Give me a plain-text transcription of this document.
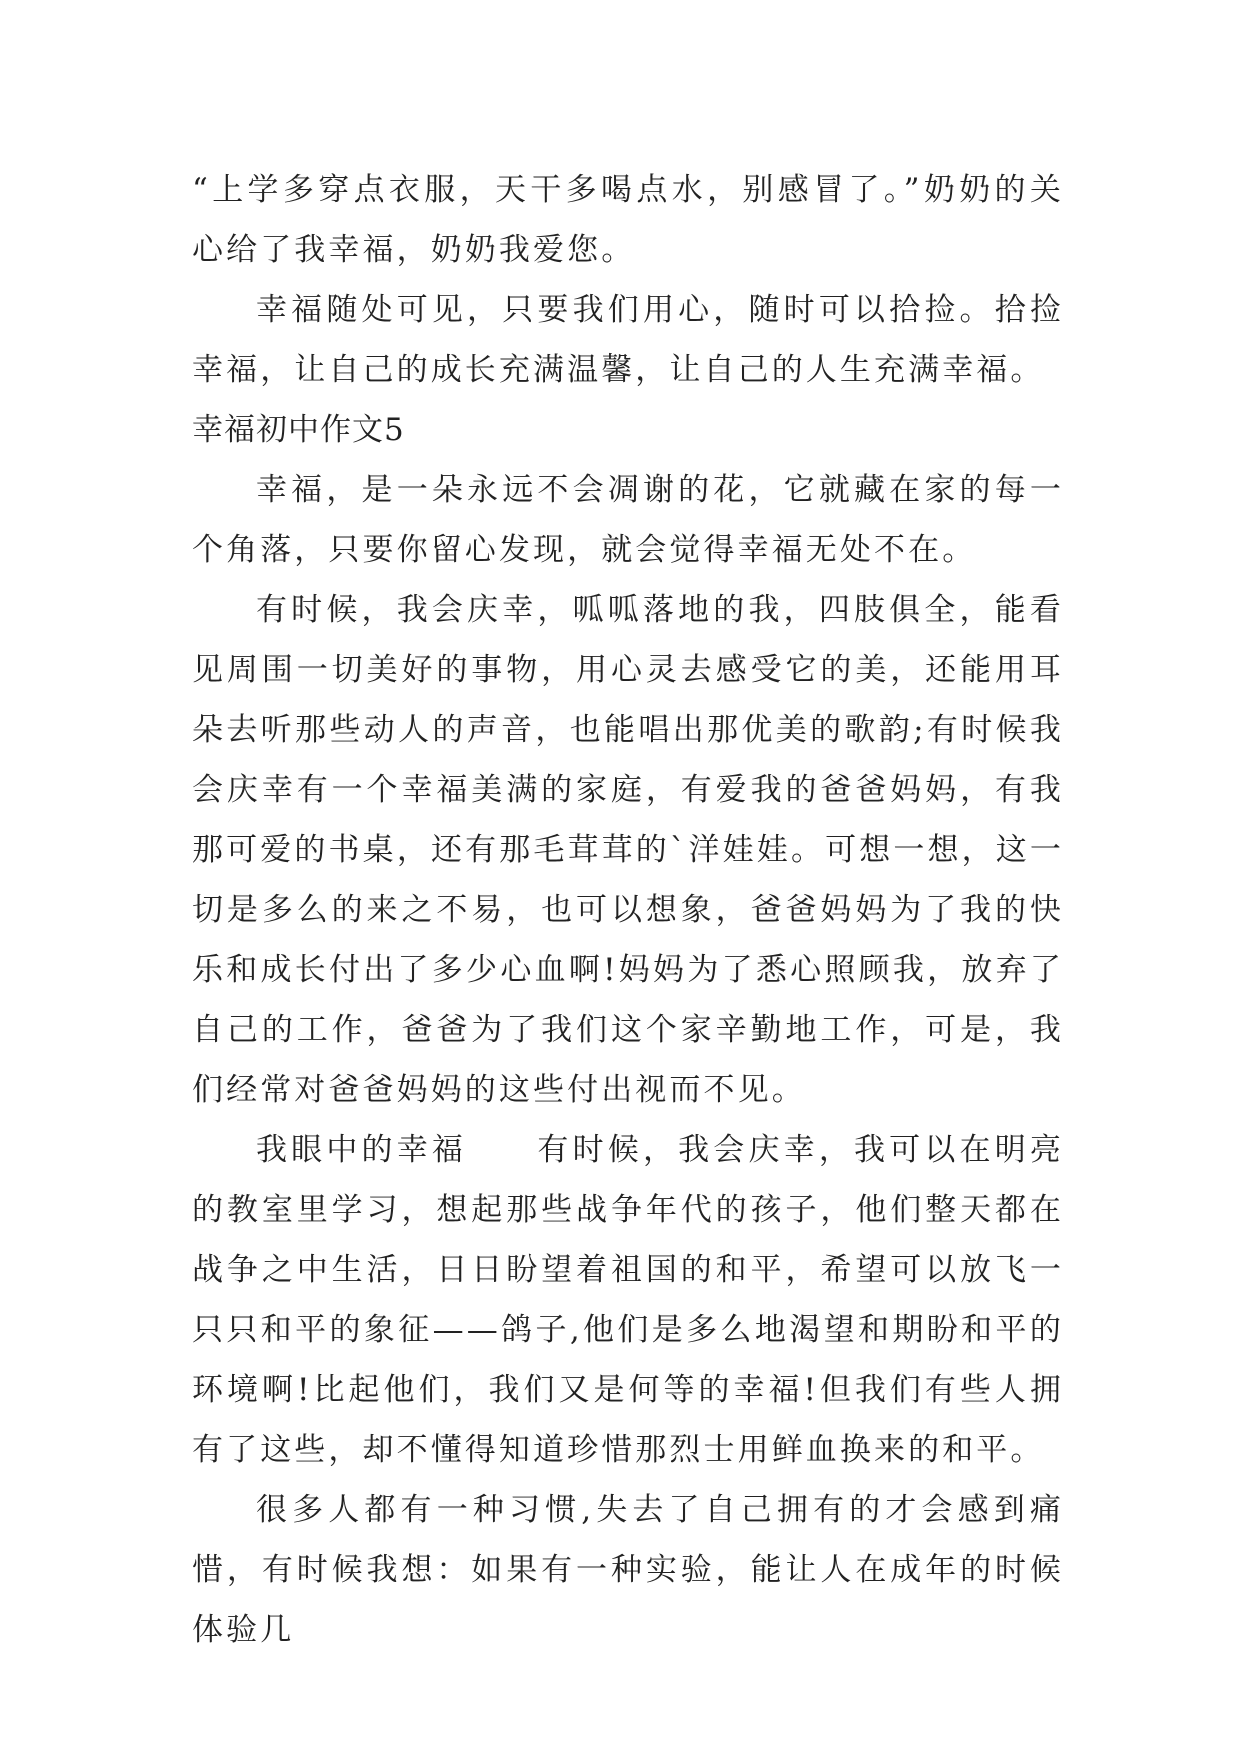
“上学多穿点衣服，天干多喝点水，别感冒了。”奶奶的关心给了我幸福，奶奶我爱您。

幸福随处可见，只要我们用心，随时可以拾捡。拾捡幸福，让自己的成长充满温馨，让自己的人生充满幸福。

幸福初中作文5

幸福，是一朵永远不会凋谢的花，它就藏在家的每一个角落，只要你留心发现，就会觉得幸福无处不在。

有时候，我会庆幸，呱呱落地的我，四肢俱全，能看见周围一切美好的事物，用心灵去感受它的美，还能用耳朵去听那些动人的声音，也能唱出那优美的歌韵;有时候我会庆幸有一个幸福美满的家庭，有爱我的爸爸妈妈，有我那可爱的书桌，还有那毛茸茸的`洋娃娃。可想一想，这一切是多么的来之不易，也可以想象，爸爸妈妈为了我的快乐和成长付出了多少心血啊!妈妈为了悉心照顾我，放弃了自己的工作，爸爸为了我们这个家辛勤地工作，可是，我们经常对爸爸妈妈的这些付出视而不见。

我眼中的幸福　　有时候，我会庆幸，我可以在明亮的教室里学习，想起那些战争年代的孩子，他们整天都在战争之中生活，日日盼望着祖国的和平，希望可以放飞一只只和平的象征——鸽子,他们是多么地渴望和期盼和平的环境啊!比起他们，我们又是何等的幸福!但我们有些人拥有了这些，却不懂得知道珍惜那烈士用鲜血换来的和平。

很多人都有一种习惯,失去了自己拥有的才会感到痛惜，有时候我想：如果有一种实验，能让人在成年的时候体验几
